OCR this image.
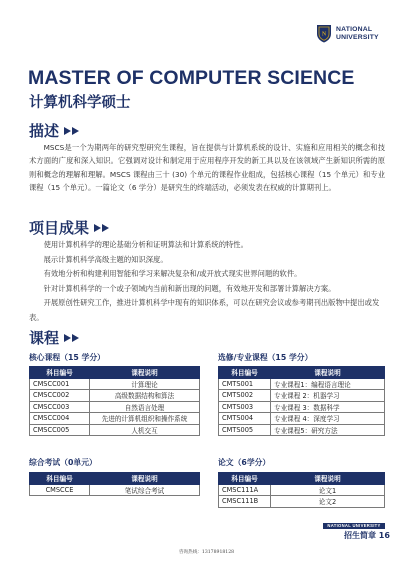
N
NATIONAL
UNIVERSITY
MASTER OF COMPUTER SCIENCE
计算机科学硕士
描述

MSCS是一个为期两年的研究型研究生课程，旨在提供与计算机系统的设计、实施和应用相关的概念和技术方面的广度和深入知识。它强调对设计和制定用于应用程序开发的新工具以及在该领域产生新知识所需的原则和概念的理解和理解。MSCS 课程由三十 (30) 个单元的课程作业组成，包括核心课程（15 个单元）和专业课程（15 个单元）。一篇论文（6 学分）是研究生的终端活动，必须发表在权威的计算期刊上。

项目成果
使用计算机科学的理论基础分析和证明算法和计算系统的特性。
展示计算机科学高级主题的知识深度。
有效地分析和构建利用智能和学习来解决复杂和/或开放式现实世界问题的软件。
针对计算机科学的一个或子领域内当前和新出现的问题，有效地开发和部署计算解决方案。
开展原创性研究工作，推进计算机科学中现有的知识体系，可以在研究会议或参考期刊出版物中提出或发表。
课程
核心课程（15 学分）
科目编号	课程说明
CMSCC001	计算理论
CMSCC002	高级数据结构和算法
CMSCC003	自然语言处理
CMSCC004	先进的计算机组织和操作系统
CMSCC005	人机交互
选修/专业课程（15 学分）
科目编号	课程说明
CMTS001	专业课程1：编程语言理论
CMTS002	专业课程 2：机器学习
CMTS003	专业课程 3：数据科学
CMTS004	专业课程 4：深度学习
CMTS005	专业课程5：研究方法
综合考试（0单元）
科目编号	课程说明
CMSCCE	笔试综合考试
论文（6学分）
科目编号	课程说明
CMSC111A	论文1
CMSC111B	论文2
NATIONAL UNIVERSITY
招生简章 16
咨询热线：13178918128
